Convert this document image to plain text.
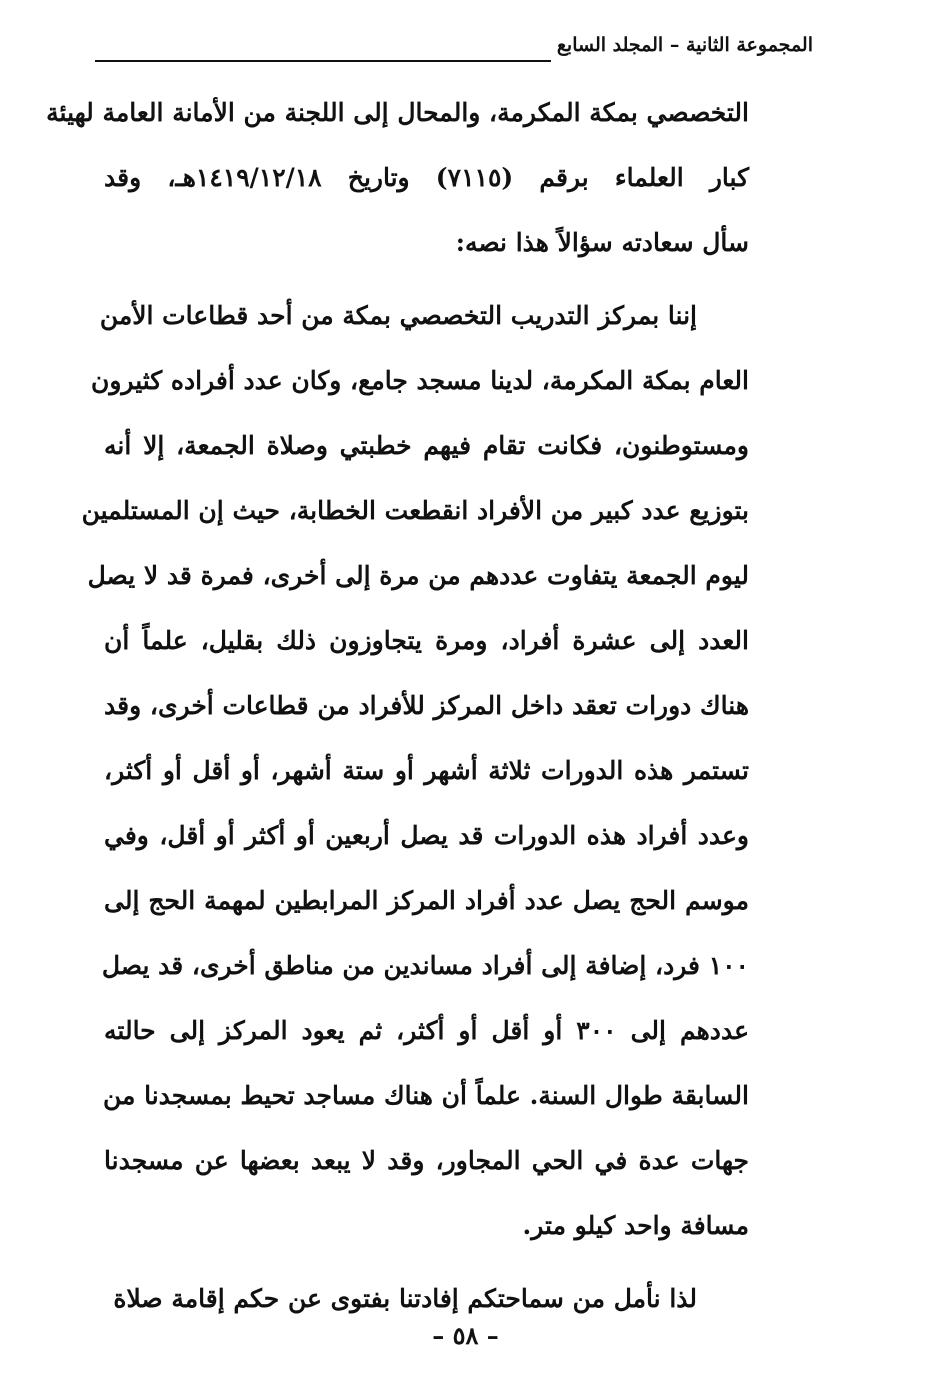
المجموعة الثانية – المجلد السابع
التخصصي بمكة المكرمة، والمحال إلى اللجنة من الأمانة العامة لهيئة
كبار العلماء برقم (٧١١٥) وتاريخ ١٤١٩/١٢/١٨هـ، وقد
سأل سعادته سؤالاً هذا نصه:
إننا بمركز التدريب التخصصي بمكة من أحد قطاعات الأمن
العام بمكة المكرمة، لدينا مسجد جامع، وكان عدد أفراده كثيرون
ومستوطنون، فكانت تقام فيهم خطبتي وصلاة الجمعة، إلا أنه
بتوزيع عدد كبير من الأفراد انقطعت الخطابة، حيث إن المستلمين
ليوم الجمعة يتفاوت عددهم من مرة إلى أخرى، فمرة قد لا يصل
العدد إلى عشرة أفراد، ومرة يتجاوزون ذلك بقليل، علماً أن
هناك دورات تعقد داخل المركز للأفراد من قطاعات أخرى، وقد
تستمر هذه الدورات ثلاثة أشهر أو ستة أشهر، أو أقل أو أكثر،
وعدد أفراد هذه الدورات قد يصل أربعين أو أكثر أو أقل، وفي
موسم الحج يصل عدد أفراد المركز المرابطين لمهمة الحج إلى
١٠٠ فرد، إضافة إلى أفراد مساندين من مناطق أخرى، قد يصل
عددهم إلى ٣٠٠ أو أقل أو أكثر، ثم يعود المركز إلى حالته
السابقة طوال السنة. علماً أن هناك مساجد تحيط بمسجدنا من
جهات عدة في الحي المجاور، وقد لا يبعد بعضها عن مسجدنا
مسافة واحد كيلو متر.
لذا نأمل من سماحتكم إفادتنا بفتوى عن حكم إقامة صلاة
– ٥٨ –
